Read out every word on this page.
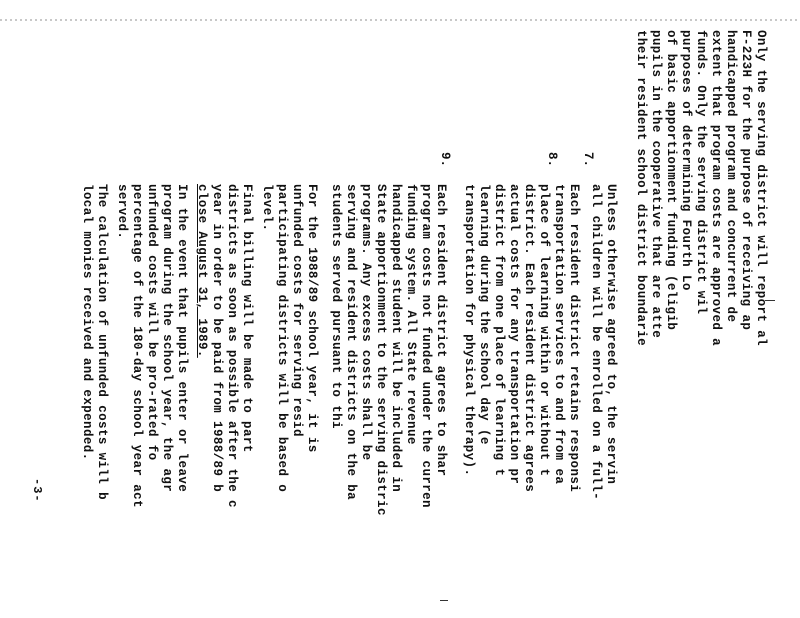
Only the serving district will report al
F-223H for the purpose of receiving ap
handicapped program and concurrent de
extent that program costs are approved a
funds. Only the serving district wil
purposes of determining Fourth Lo
of basic apportionment funding (eligib
pupils in the cooperative that are atte
their resident school district boundarie
7.
Unless otherwise agreed to, the servin
all children will be enrolled on a full-
8.
Each resident district retains responsi
transportation services to and from ea
place of learning within or without t
district. Each resident district agrees
actual costs for any transportation pr
district from one place of learning t
learning during the school day (e
transportation for physical therapy).
9.
Each resident district agrees to shar
program costs not funded under the curren
funding system. All State revenue
handicapped student will be included in
State apportionment to the serving distric
programs. Any excess costs shall be
serving and resident districts on the ba
students served pursuant to thi
For the 1988/89 school year, it is
unfunded costs for serving resid
participating districts will be based o
level.
Final billing will be made to part
districts as soon as possible after the c
year in order to be paid from 1988/89 b
close August 31, 1989.
In the event that pupils enter or leave
program during the school year, the agr
unfunded costs will be pro-rated fo
percentage of the 180-day school year act
served.
The calculation of unfunded costs will b
local monies received and expended.
-3-
